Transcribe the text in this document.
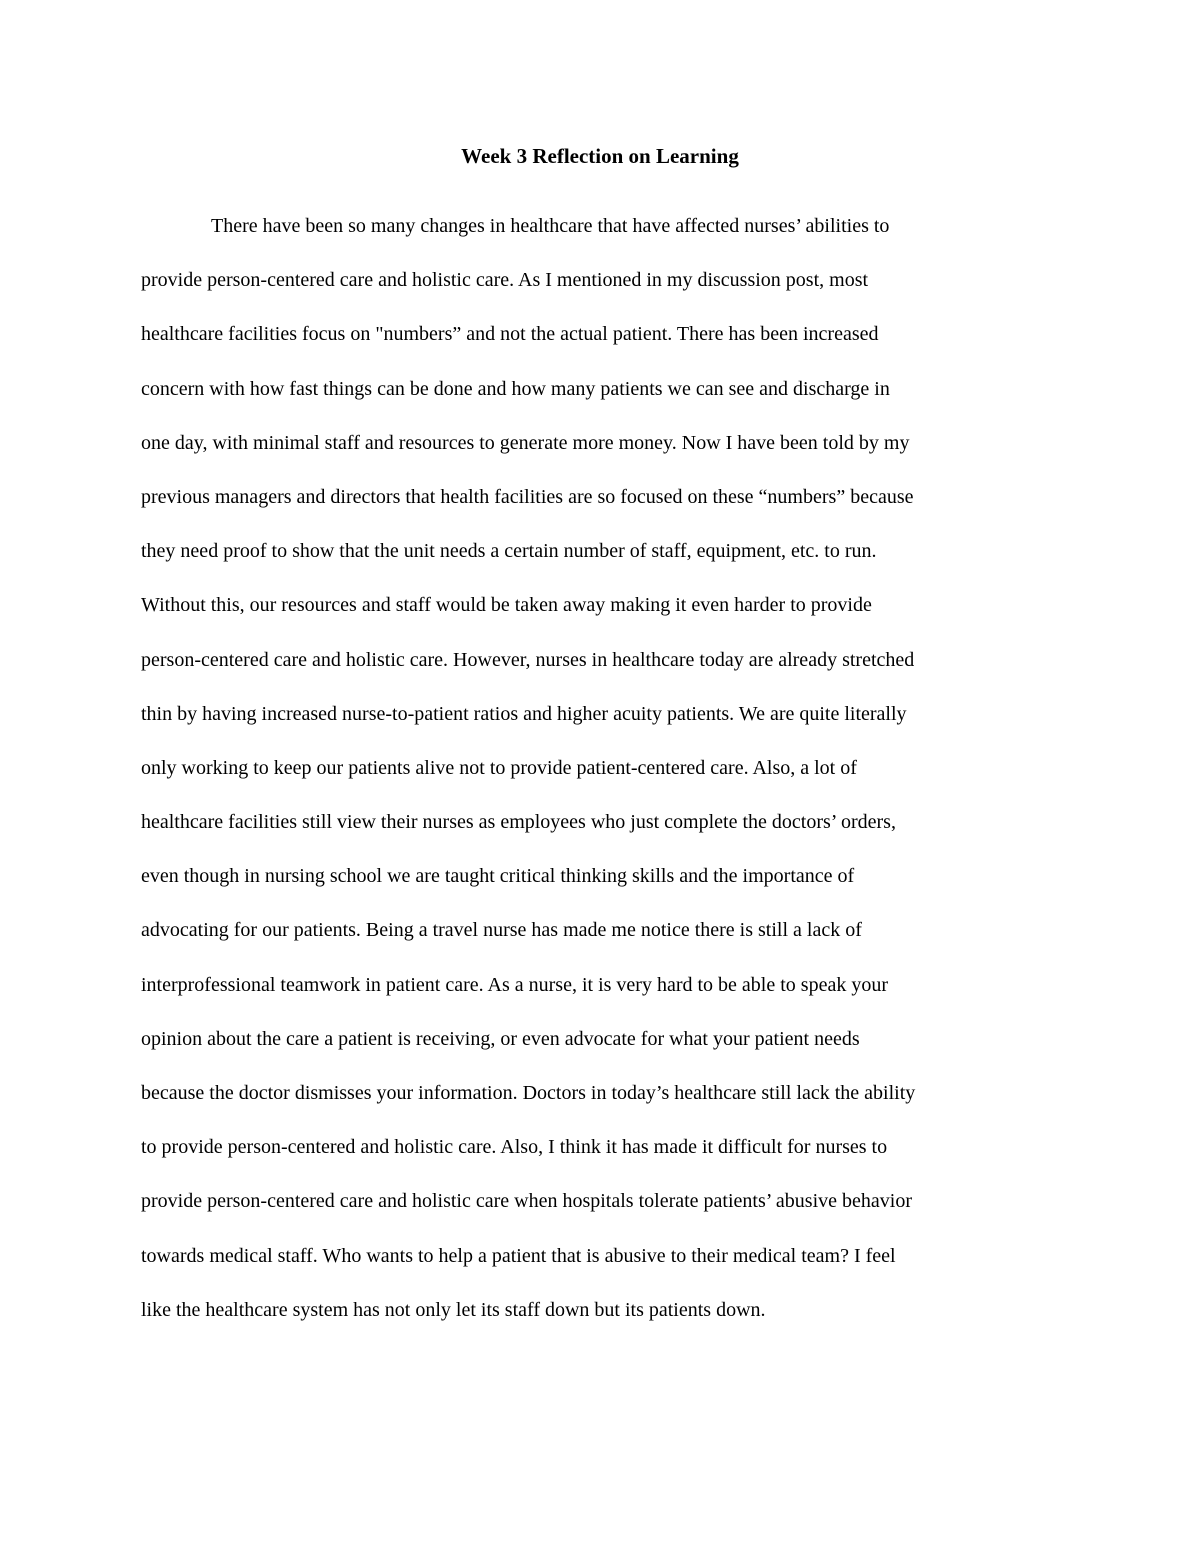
Week 3 Reflection on Learning
There have been so many changes in healthcare that have affected nurses’ abilities to
provide person-centered care and holistic care. As I mentioned in my discussion post, most
healthcare facilities focus on "numbers” and not the actual patient. There has been increased
concern with how fast things can be done and how many patients we can see and discharge in
one day, with minimal staff and resources to generate more money. Now I have been told by my
previous managers and directors that health facilities are so focused on these “numbers” because
they need proof to show that the unit needs a certain number of staff, equipment, etc. to run.
Without this, our resources and staff would be taken away making it even harder to provide
person-centered care and holistic care. However, nurses in healthcare today are already stretched
thin by having increased nurse-to-patient ratios and higher acuity patients. We are quite literally
only working to keep our patients alive not to provide patient-centered care. Also, a lot of
healthcare facilities still view their nurses as employees who just complete the doctors’ orders,
even though in nursing school we are taught critical thinking skills and the importance of
advocating for our patients. Being a travel nurse has made me notice there is still a lack of
interprofessional teamwork in patient care. As a nurse, it is very hard to be able to speak your
opinion about the care a patient is receiving, or even advocate for what your patient needs
because the doctor dismisses your information. Doctors in today’s healthcare still lack the ability
to provide person-centered and holistic care. Also, I think it has made it difficult for nurses to
provide person-centered care and holistic care when hospitals tolerate patients’ abusive behavior
towards medical staff. Who wants to help a patient that is abusive to their medical team? I feel
like the healthcare system has not only let its staff down but its patients down.
